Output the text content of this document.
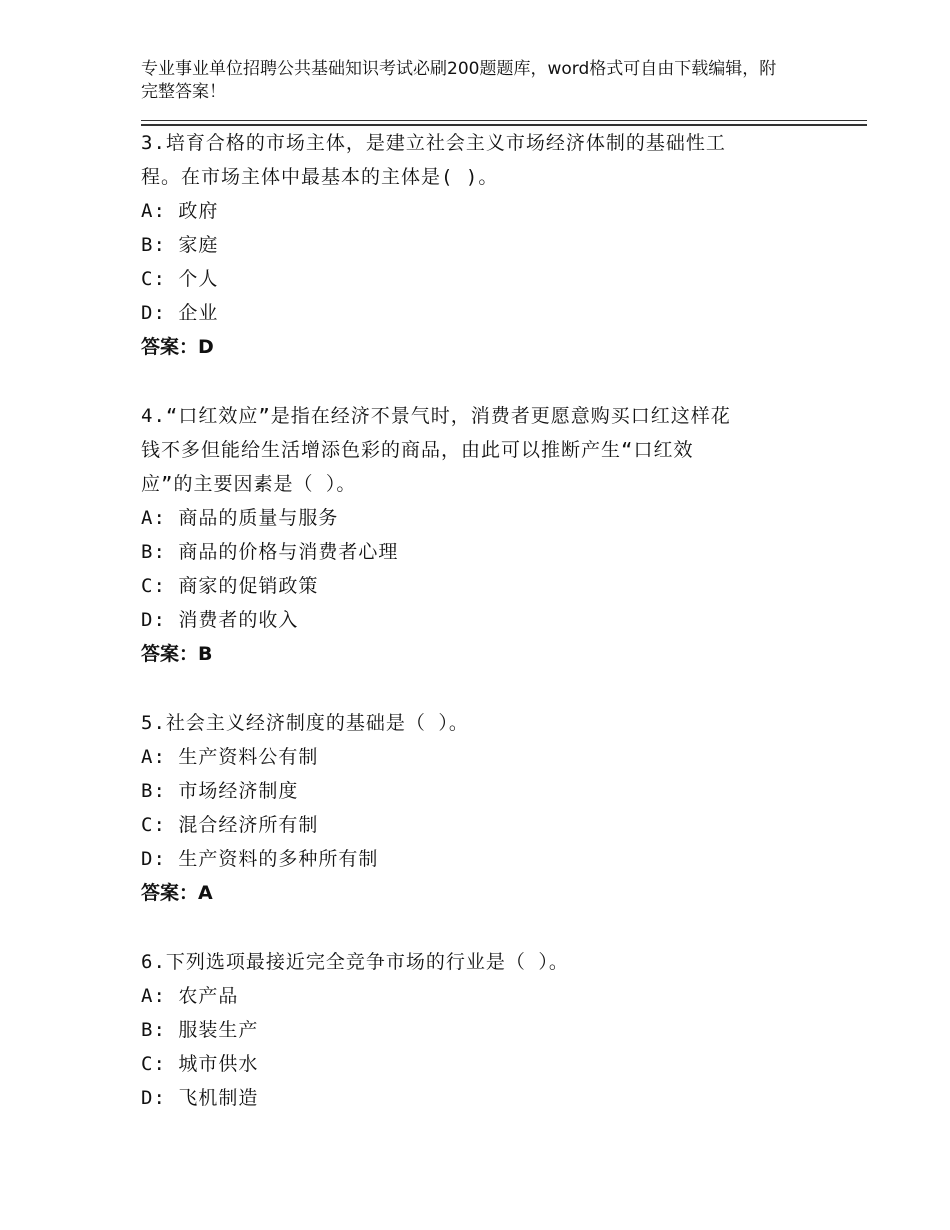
专业事业单位招聘公共基础知识考试必刷200题题库，word格式可自由下载编辑，附完整答案！
3.培育合格的市场主体，是建立社会主义市场经济体制的基础性工
程。在市场主体中最基本的主体是( )。
A: 政府
B: 家庭
C: 个人
D: 企业
答案：D
4.“口红效应”是指在经济不景气时，消费者更愿意购买口红这样花
钱不多但能给生活增添色彩的商品，由此可以推断产生“口红效
应”的主要因素是（ ）。
A: 商品的质量与服务
B: 商品的价格与消费者心理
C: 商家的促销政策
D: 消费者的收入
答案：B
5.社会主义经济制度的基础是（ ）。
A: 生产资料公有制
B: 市场经济制度
C: 混合经济所有制
D: 生产资料的多种所有制
答案：A
6.下列选项最接近完全竞争市场的行业是（ ）。
A: 农产品
B: 服装生产
C: 城市供水
D: 飞机制造
